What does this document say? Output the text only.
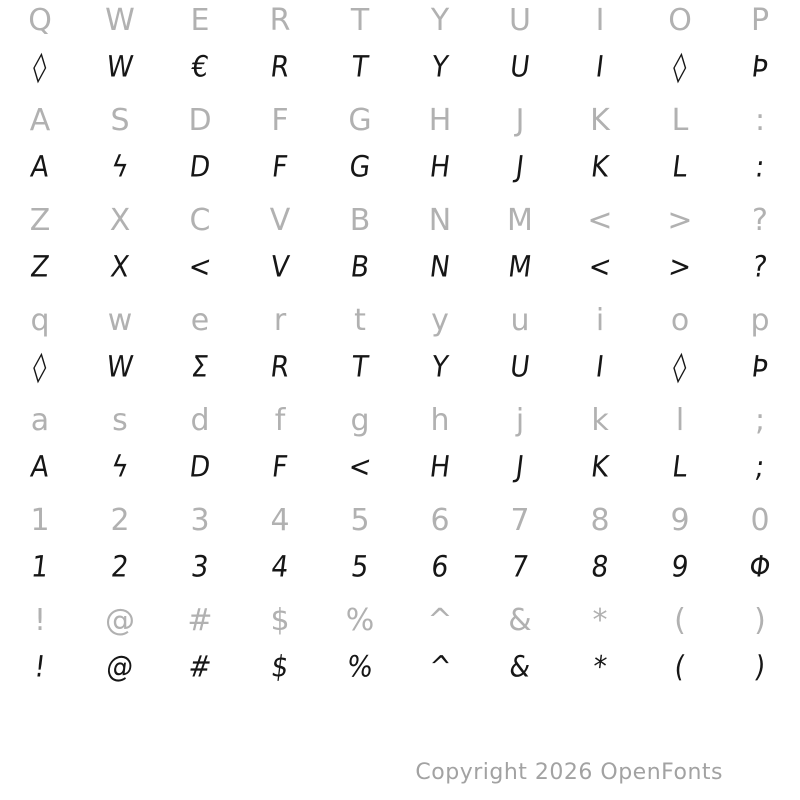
Q	W	E	R	T	Y	U	I	O	P
◊	W	€	R	T	Y	U	I	◊	Þ
A	S	D	F	G	H	J	K	L	:
A	ϟ	D	F	G	H	J	K	L	:
Z	X	C	V	B	N	M	<	>	?
Z	X	<	V	B	N	M	<	>	?
q	w	e	r	t	y	u	i	o	p
◊	W	Σ	R	T	Y	U	I	◊	Þ
a	s	d	f	g	h	j	k	l	;
A	ϟ	D	F	<	H	J	K	L	;
1	2	3	4	5	6	7	8	9	0
1	2	3	4	5	6	7	8	9	Φ
!	@	#	$	%	^	&	*	(	)
!	@	#	$	%	^	&	*	(	)
Copyright 2026 OpenFonts
